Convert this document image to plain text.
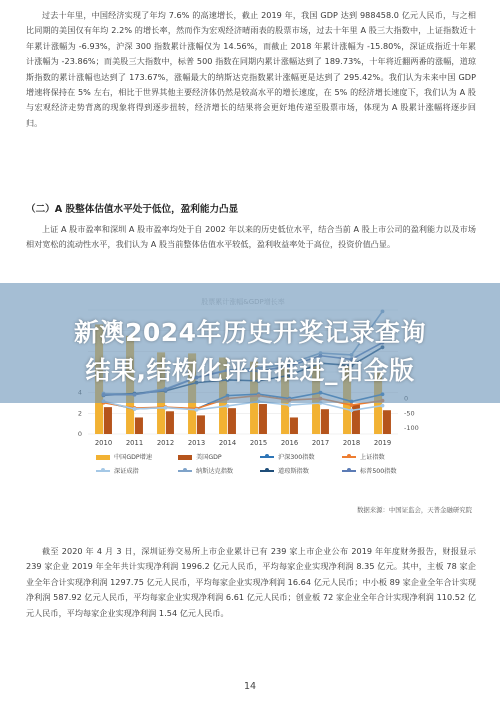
过去十年里，中国经济实现了年均 7.6% 的高速增长，截止 2019 年，我国 GDP 达到 988458.0 亿元人民币，与之相比同期的美国仅有年均 2.2% 的增长率，然而作为宏观经济晴雨表的股票市场，过去十年里 A 股三大指数中，上证指数近十年累计涨幅为 -6.93%，沪深 300 指数累计涨幅仅为 14.56%，而截止 2018 年累计涨幅为 -15.80%，深证成指近十年累计涨幅为 -23.86%；而美股三大指数中，标普 500 指数在同期内累计涨幅达到了 189.73%，十年将近翻两番的涨幅，道琼斯指数的累计涨幅也达到了 173.67%，涨幅最大的纳斯达克指数累计涨幅更是达到了 295.42%。我们认为未来中国 GDP 增速将保持在 5% 左右，相比于世界其他主要经济体仍然是较高水平的增长速度，在 5% 的经济增长速度下，我们认为 A 股与宏观经济走势背离的现象将得到逐步扭转，经济增长的结果将会更好地传递至股票市场，体现为 A 股累计涨幅将逐步回归。

（二）A 股整体估值水平处于低位，盈利能力凸显

上证 A 股市盈率和深圳 A 股市盈率均处于自 2002 年以来的历史低位水平，结合当前 A 股上市公司的盈利能力以及市场相对宽松的流动性水平，我们认为 A 股当前整体估值水平较低，盈利收益率处于高位，投资价值凸显。

0
2	-50
-100
2010 2011 2012 2013 2014 2015 2016 2017 2018 2019
中国GDP增速	美国GDP	沪深300指数	上证指数
深证成指	纳斯达克指数	道琼斯指数	标普500指数
数据来源：中国证监会，天普金融研究院

截至 2020 年 4 月 3 日，深圳证券交易所上市企业累计已有 239 家上市企业公布 2019 年年度财务报告，财报显示 239 家企业 2019 年全年共计实现净利润 1996.2 亿元人民币，平均每家企业实现净利润 8.35 亿元。其中，主板 78 家企业全年合计实现净利润 1297.75 亿元人民币，平均每家企业实现净利润 16.64 亿元人民币；中小板 89 家企业全年合计实现净利润 587.92 亿元人民币，平均每家企业实现净利润 6.61 亿元人民币；创业板 72 家企业全年合计实现净利润 110.52 亿元人民币，平均每家企业实现净利润 1.54 亿元人民币。

14
新澳2024年历史开奖记录查询
结果,结构化评估推进_铂金版
